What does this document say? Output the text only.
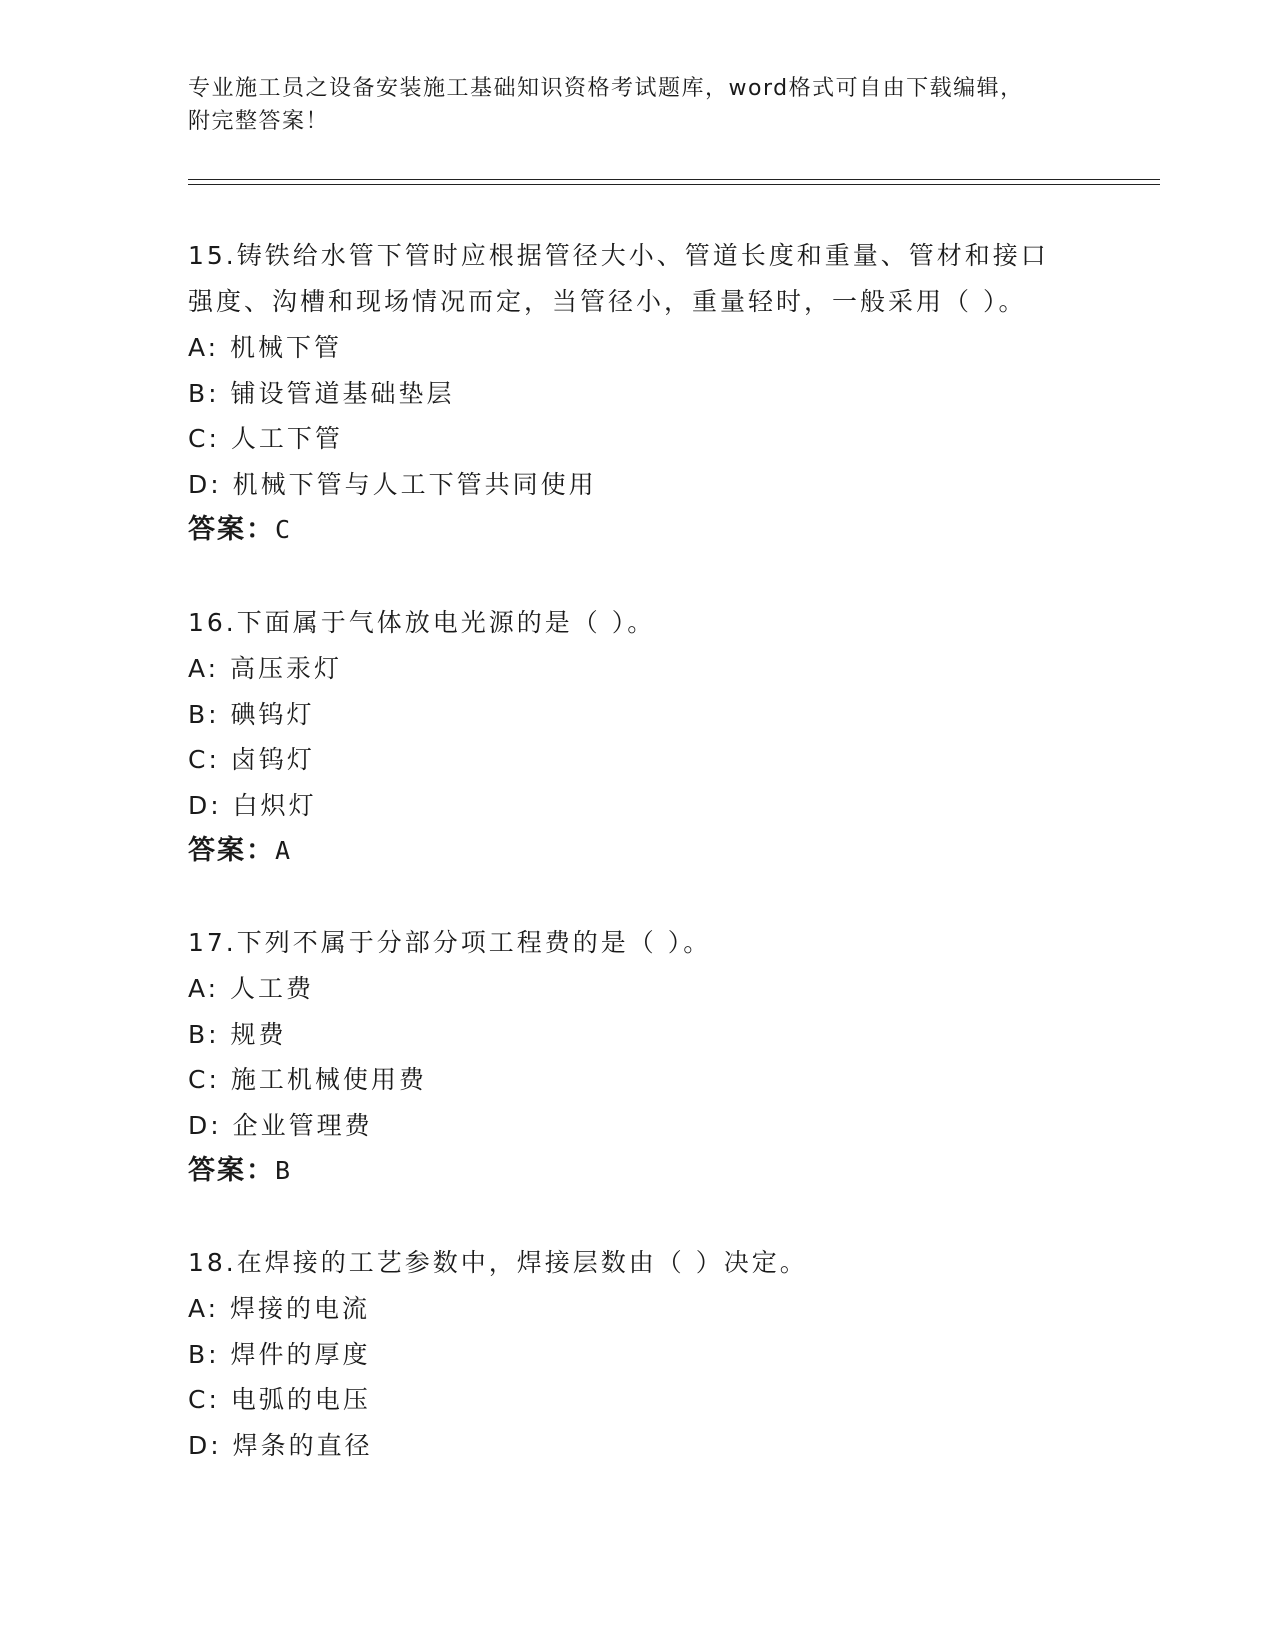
专业施工员之设备安装施工基础知识资格考试题库，word格式可自由下载编辑，
附完整答案！

15.铸铁给水管下管时应根据管径大小、管道长度和重量、管材和接口

强度、沟槽和现场情况而定，当管径小，重量轻时，一般采用（ ）。

A: 机械下管

B: 铺设管道基础垫层

C: 人工下管

D: 机械下管与人工下管共同使用

答案：C

16.下面属于气体放电光源的是（ ）。

A: 高压汞灯

B: 碘钨灯

C: 卤钨灯

D: 白炽灯

答案：A

17.下列不属于分部分项工程费的是（ ）。

A: 人工费

B: 规费

C: 施工机械使用费

D: 企业管理费

答案：B

18.在焊接的工艺参数中，焊接层数由（ ）决定。

A: 焊接的电流

B: 焊件的厚度

C: 电弧的电压

D: 焊条的直径
